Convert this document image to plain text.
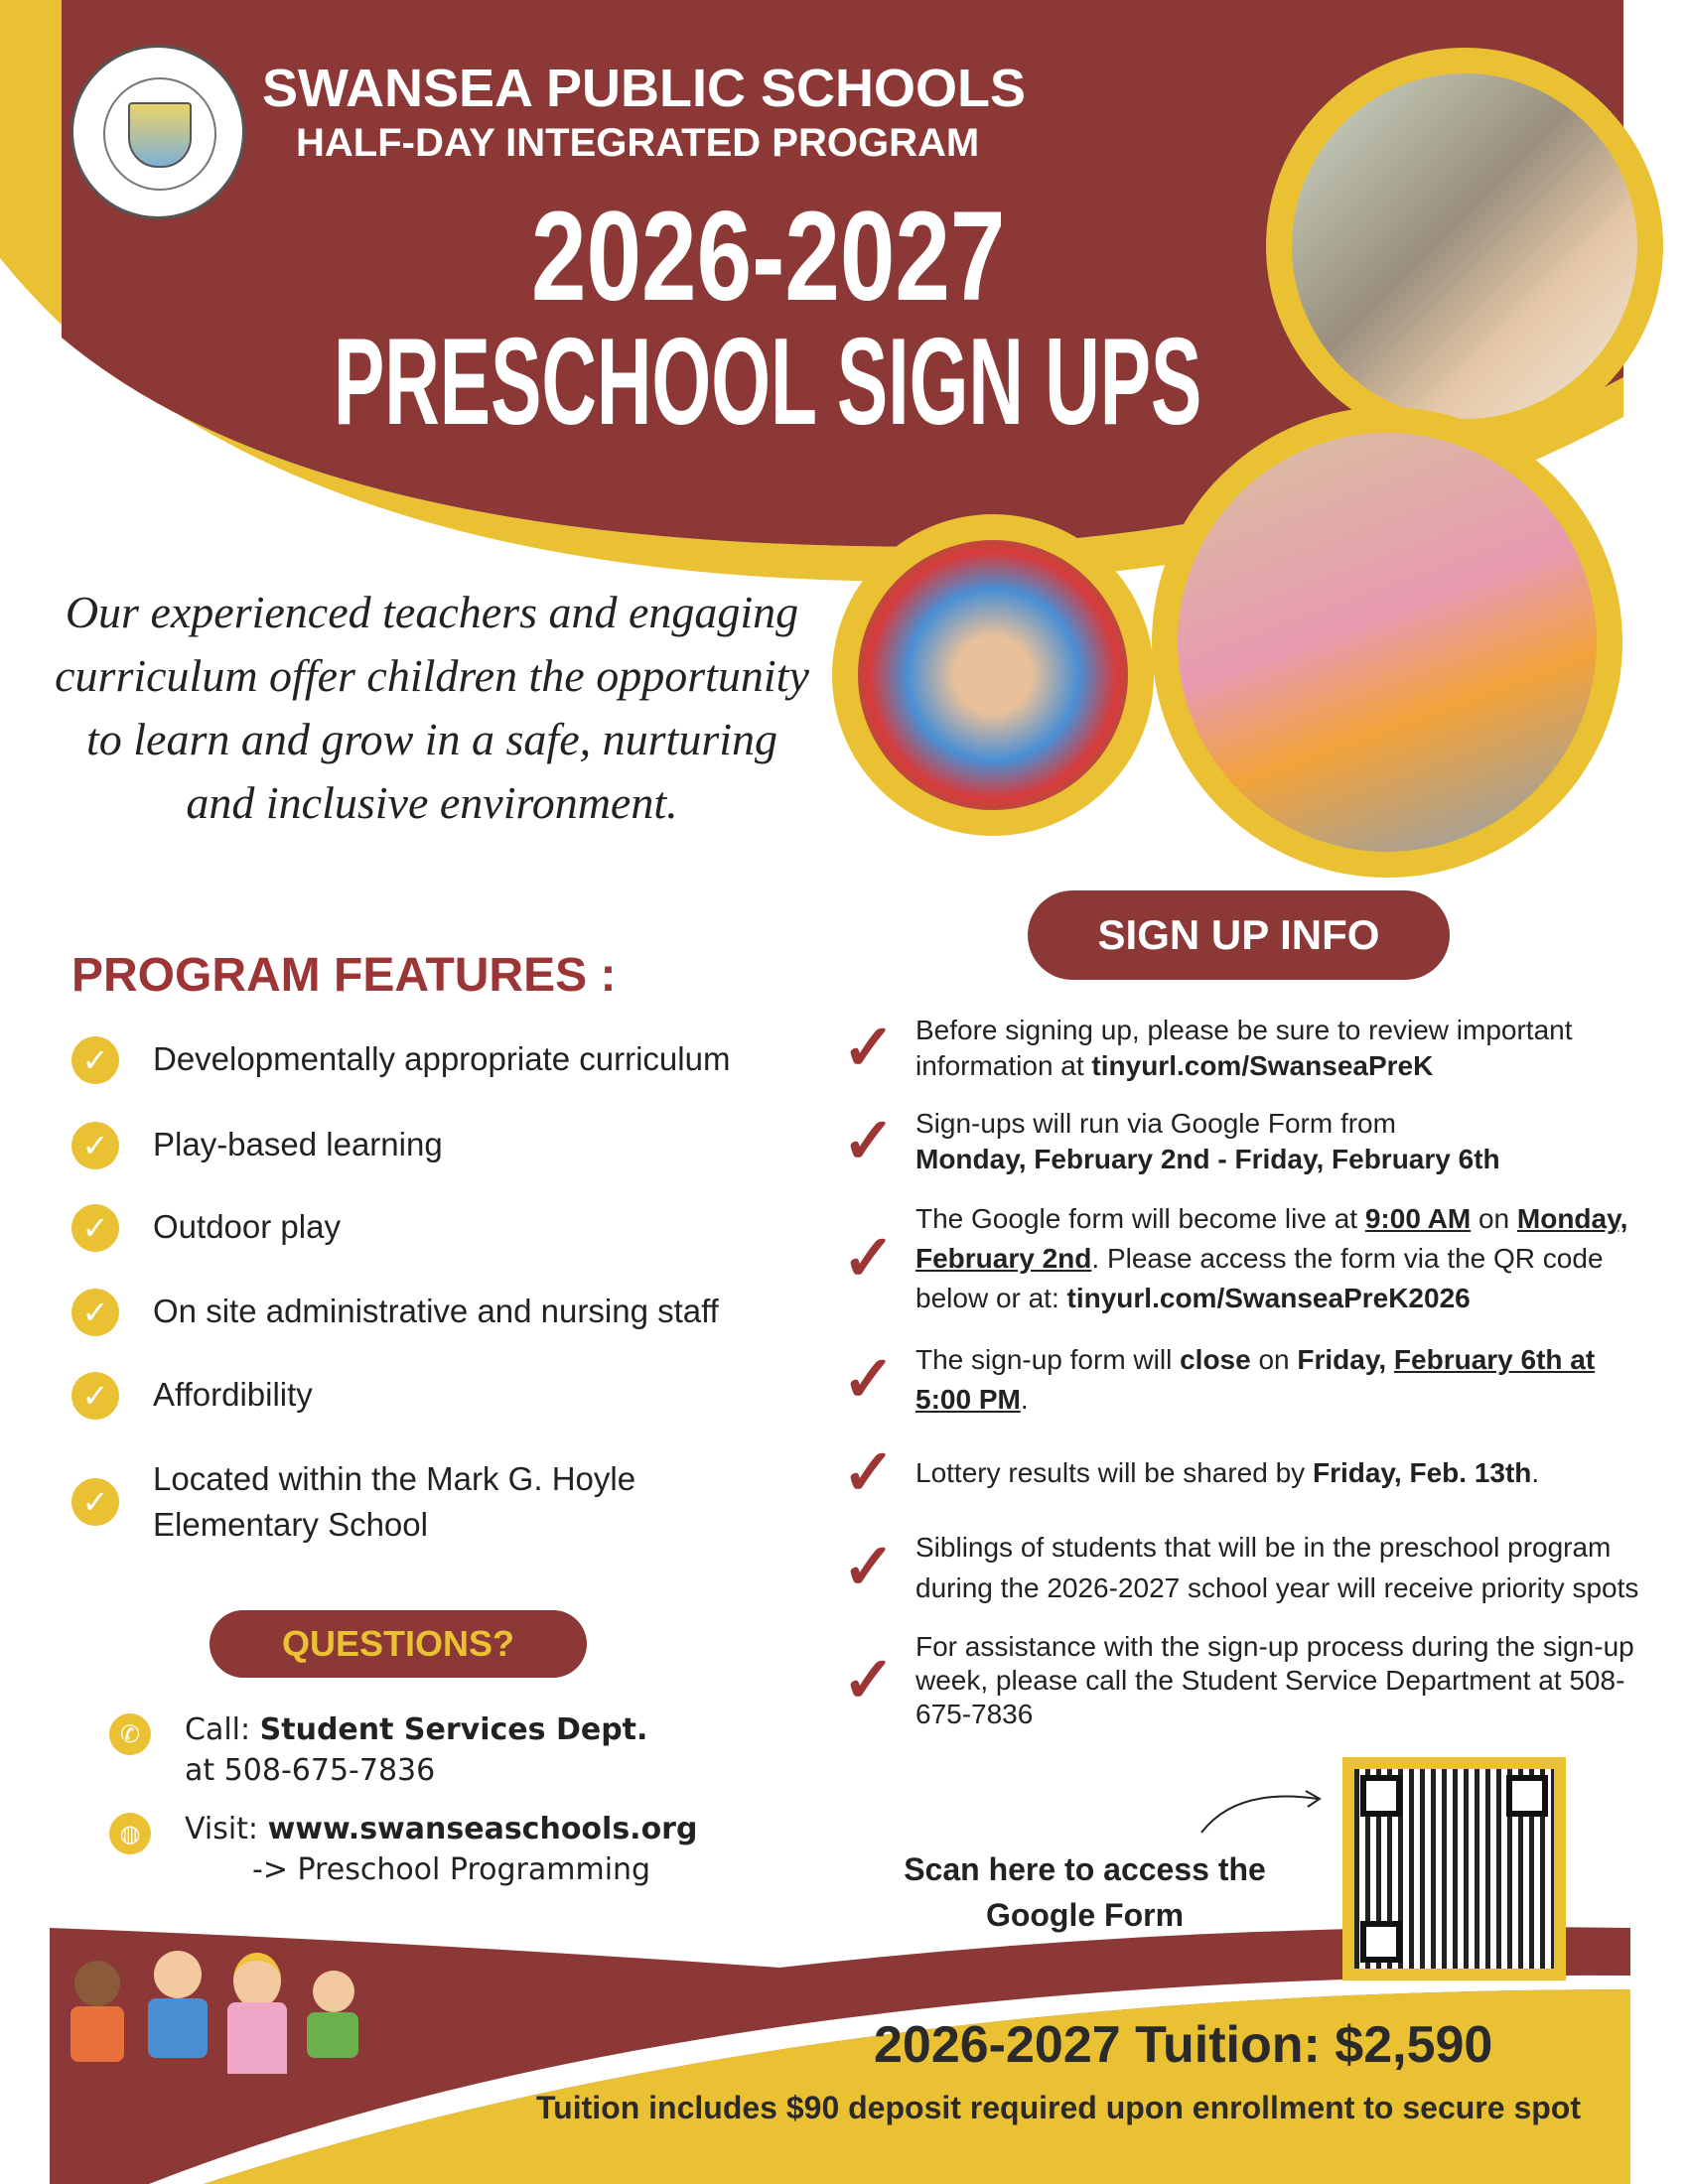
SWANSEA PUBLIC SCHOOLS
HALF-DAY INTEGRATED PROGRAM
2026-2027
PRESCHOOL SIGN UPS
Our experienced teachers and engaging curriculum offer children the opportunity to learn and grow in a safe, nurturing and inclusive environment.
PROGRAM FEATURES :
✓	Developmentally appropriate curriculum
✓	Play-based learning
✓	Outdoor play
✓	On site administrative and nursing staff
✓	Affordibility
✓
Located within the Mark G. Hoyle Elementary School
QUESTIONS?
✆	Call: Student Services Dept.
at 508-675-7836
◍	Visit: www.swanseaschools.org
-> Preschool Programming
SIGN UP INFO
✓ Before signing up, please be sure to review important information at tinyurl.com/SwanseaPreK
✓ Sign-ups will run via Google Form from
Monday, February 2nd - Friday, February 6th
✓
The Google form will become live at 9:00 AM on Monday, February 2nd. Please access the form via the QR code below or at: tinyurl.com/SwanseaPreK2026
✓ The sign-up form will close on Friday, February 6th at 5:00 PM.
✓ Lottery results will be shared by Friday, Feb. 13th.
✓ Siblings of students that will be in the preschool program during the 2026-2027 school year will receive priority spots
✓ For assistance with the sign-up process during the sign-up week, please call the Student Service Department at 508-675-7836
Scan here to access the Google Form
2026-2027 Tuition: $2,590
Tuition includes $90 deposit required upon enrollment to secure spot
